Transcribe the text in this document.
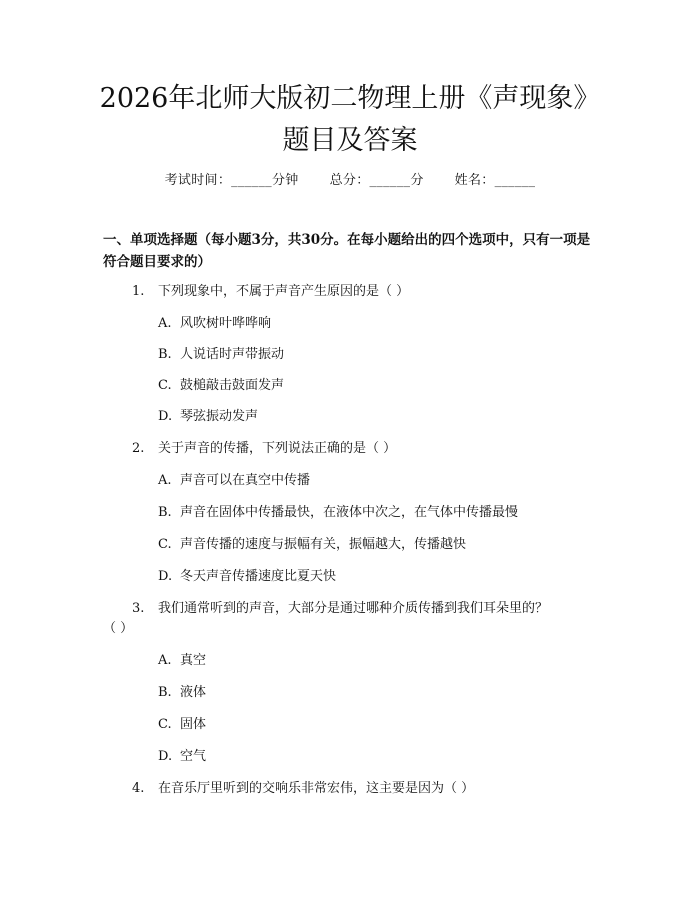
2026年北师大版初二物理上册《声现象》题目及答案
考试时间：______分钟 总分：______分 姓名：______

一、单项选择题（每小题3分，共30分。在每小题给出的四个选项中，只有一项是符合题目要求的）

1. 下列现象中，不属于声音产生原因的是（ ）
A. 风吹树叶哗哗响
B. 人说话时声带振动
C. 鼓槌敲击鼓面发声
D. 琴弦振动发声
2. 关于声音的传播，下列说法正确的是（ ）
A. 声音可以在真空中传播
B. 声音在固体中传播最快，在液体中次之，在气体中传播最慢
C. 声音传播的速度与振幅有关，振幅越大，传播越快
D. 冬天声音传播速度比夏天快
3. 我们通常听到的声音，大部分是通过哪种介质传播到我们耳朵里的？
（ ）
A. 真空
B. 液体
C. 固体
D. 空气
4. 在音乐厅里听到的交响乐非常宏伟，这主要是因为（ ）
